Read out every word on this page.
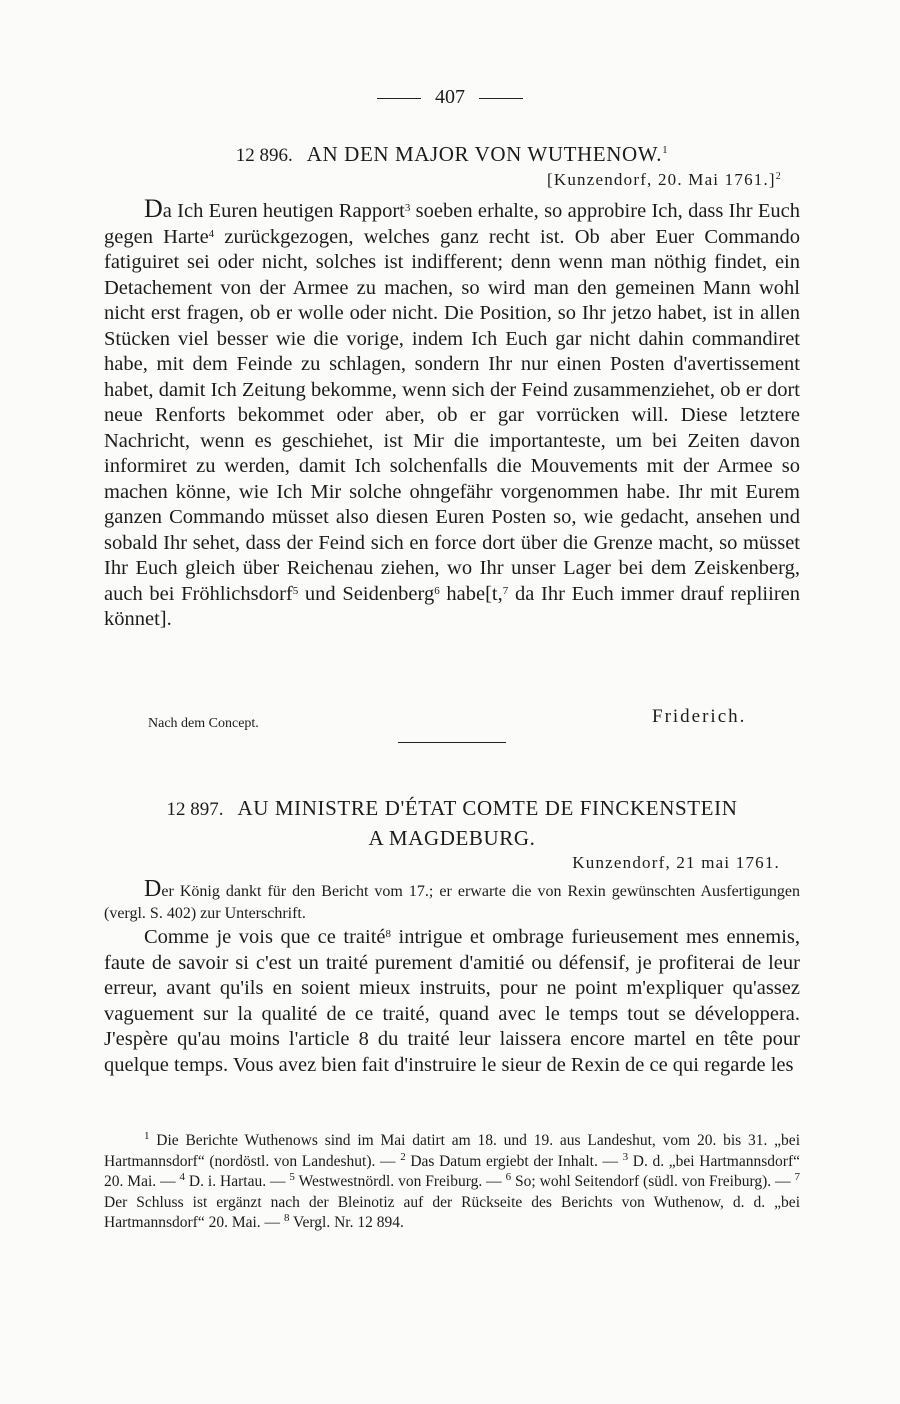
407
12 896. AN DEN MAJOR VON WUTHENOW.$^1$
[Kunzendorf, 20. Mai 1761.]$^2$

Da Ich Euren heutigen Rapport$^3$ soeben erhalte, so approbire Ich, dass Ihr Euch gegen Harte$^4$ zurückgezogen, welches ganz recht ist. Ob aber Euer Commando fatiguiret sei oder nicht, solches ist indifferent; denn wenn man nöthig findet, ein Detachement von der Armee zu machen, so wird man den gemeinen Mann wohl nicht erst fragen, ob er wolle oder nicht. Die Position, so Ihr jetzo habet, ist in allen Stücken viel besser wie die vorige, indem Ich Euch gar nicht dahin commandiret habe, mit dem Feinde zu schlagen, sondern Ihr nur einen Posten d'avertissement habet, damit Ich Zeitung bekomme, wenn sich der Feind zusammenziehet, ob er dort neue Renforts bekommet oder aber, ob er gar vorrücken will. Diese letztere Nachricht, wenn es geschiehet, ist Mir die importanteste, um bei Zeiten davon informiret zu werden, damit Ich solchenfalls die Mouvements mit der Armee so machen könne, wie Ich Mir solche ohngefähr vorgenommen habe. Ihr mit Eurem ganzen Commando müsset also diesen Euren Posten so, wie gedacht, ansehen und sobald Ihr sehet, dass der Feind sich en force dort über die Grenze macht, so müsset Ihr Euch gleich über Reichenau ziehen, wo Ihr unser Lager bei dem Zeiskenberg, auch bei Fröhlichsdorf$^5$ und Seidenberg$^6$ habe[t,$^7$ da Ihr Euch immer drauf repliiren könnet].

Nach dem Concept.	Friderich.
12 897. AU MINISTRE D'ÉTAT COMTE DE FINCKENSTEIN
A MAGDEBURG.
Kunzendorf, 21 mai 1761.

Der König dankt für den Bericht vom 17.; er erwarte die von Rexin gewünschten Ausfertigungen (vergl. S. 402) zur Unterschrift.

Comme je vois que ce traité$^8$ intrigue et ombrage furieusement mes ennemis, faute de savoir si c'est un traité purement d'amitié ou défensif, je profiterai de leur erreur, avant qu'ils en soient mieux instruits, pour ne point m'expliquer qu'assez vaguement sur la qualité de ce traité, quand avec le temps tout se développera. J'espère qu'au moins l'article 8 du traité leur laissera encore martel en tête pour quelque temps. Vous avez bien fait d'instruire le sieur de Rexin de ce qui regarde les

$^1$ Die Berichte Wuthenows sind im Mai datirt am 18. und 19. aus Landeshut, vom 20. bis 31. „bei Hartmannsdorf“ (nordöstl. von Landeshut). — $^2$ Das Datum ergiebt der Inhalt. — $^3$ D. d. „bei Hartmannsdorf“ 20. Mai. — $^4$ D. i. Hartau. — $^5$ Westwestnördl. von Freiburg. — $^6$ So; wohl Seitendorf (südl. von Freiburg). — $^7$ Der Schluss ist ergänzt nach der Bleinotiz auf der Rückseite des Berichts von Wuthenow, d. d. „bei Hartmannsdorf“ 20. Mai. — $^8$ Vergl. Nr. 12 894.
